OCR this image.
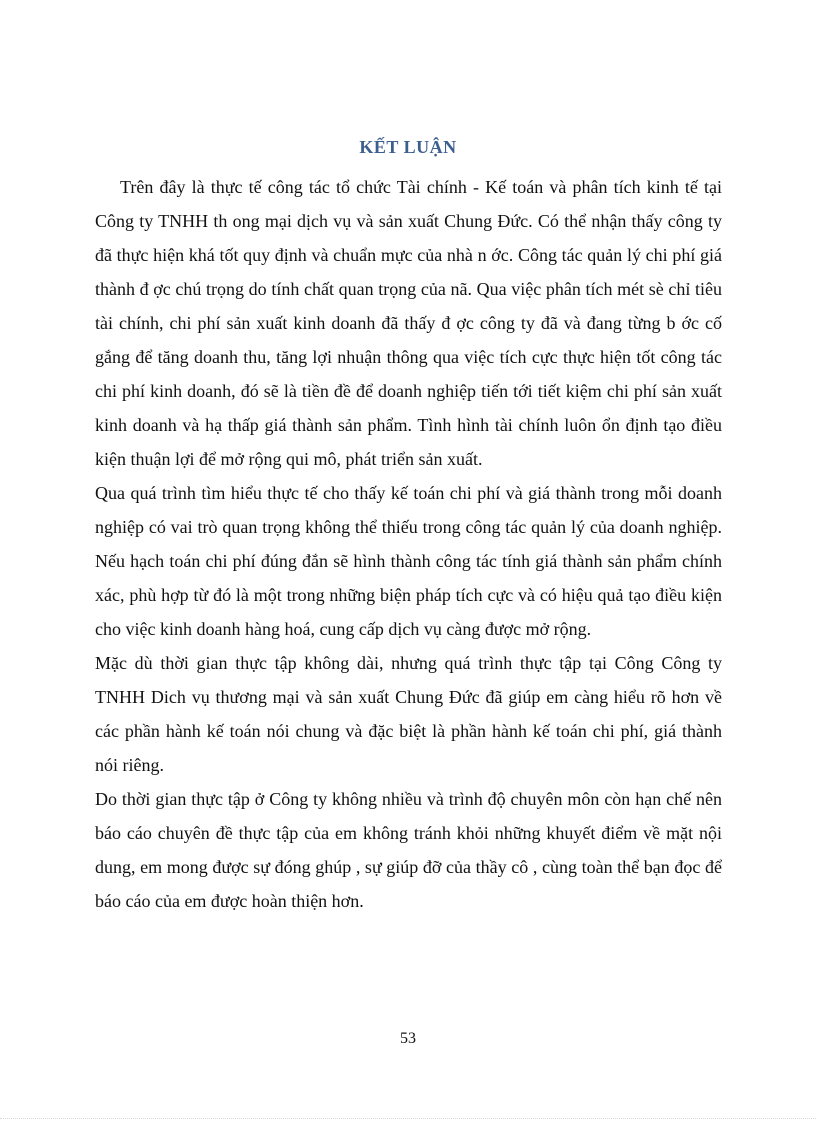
KẾT LUẬN

Trên đây là thực tế công tác tổ chức Tài chính - Kế toán và phân tích kinh tế tại Công ty TNHH th ong mại dịch vụ và sản xuất Chung Đức. Có thể nhận thấy công ty đã thực hiện khá tốt quy định và chuẩn mực của nhà n ớc. Công tác quản lý chi phí giá thành đ ợc chú trọng do tính chất quan trọng của nã. Qua việc phân tích mét sè chỉ tiêu tài chính, chi phí sản xuất kinh doanh đã thấy đ ợc công ty đã và đang từng b ớc cố gắng để tăng doanh thu, tăng lợi nhuận thông qua việc tích cực thực hiện tốt công tác chi phí kinh doanh, đó sẽ là tiền đề để doanh nghiệp tiến tới tiết kiệm chi phí sản xuất kinh doanh và hạ thấp giá thành sản phẩm. Tình hình tài chính luôn ổn định tạo điều kiện thuận lợi để mở rộng qui mô, phát triển sản xuất.

Qua quá trình tìm hiểu thực tế cho thấy kế toán chi phí và giá thành trong mỗi doanh nghiệp có vai trò quan trọng không thể thiếu trong công tác quản lý của doanh nghiệp. Nếu hạch toán chi phí đúng đắn sẽ hình thành công tác tính giá thành sản phẩm chính xác, phù hợp từ đó là một trong những biện pháp tích cực và có hiệu quả tạo điều kiện cho việc kinh doanh hàng hoá, cung cấp dịch vụ càng được mở rộng.

Mặc dù thời gian thực tập không dài, nhưng quá trình thực tập tại Công Công ty TNHH Dich vụ thương mại và sản xuất Chung Đức đã giúp em càng hiểu rõ hơn về các phần hành kế toán nói chung và đặc biệt là phần hành kế toán chi phí, giá thành nói riêng.

Do thời gian thực tập ở Công ty không nhiều và trình độ chuyên môn còn hạn chế nên báo cáo chuyên đề thực tập của em không tránh khỏi những khuyết điểm về mặt nội dung, em mong được sự đóng ghúp , sự giúp đỡ của thầy cô , cùng toàn thể bạn đọc để báo cáo của em được hoàn thiện hơn.

53
